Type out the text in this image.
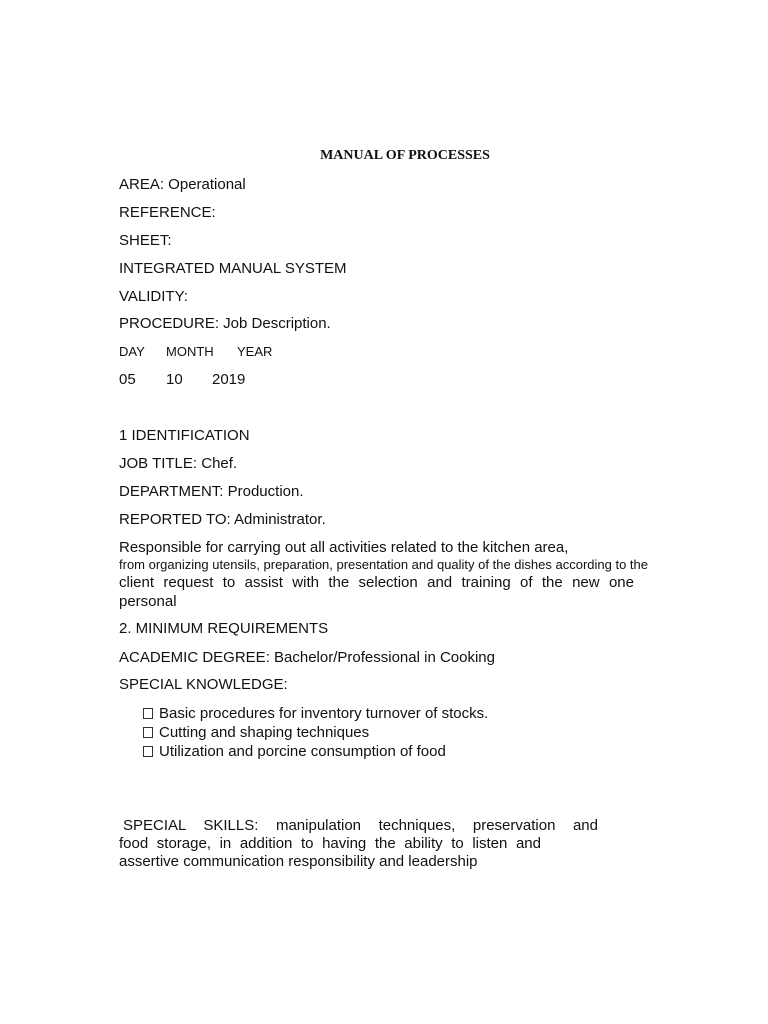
MANUAL OF PROCESSES
AREA: Operational
REFERENCE:
SHEET:
INTEGRATED MANUAL SYSTEM
VALIDITY:
PROCEDURE: Job Description.
DAY MONTH YEAR
05 10 2019
1 IDENTIFICATION
JOB TITLE: Chef.
DEPARTMENT: Production.
REPORTED TO: Administrator.
Responsible for carrying out all activities related to the kitchen area,
from organizing utensils, preparation, presentation and quality of the dishes according to the
client request to assist with the selection and training of the new one
personal
2. MINIMUM REQUIREMENTS
ACADEMIC DEGREE: Bachelor/Professional in Cooking
SPECIAL KNOWLEDGE:
Basic procedures for inventory turnover of stocks.
Cutting and shaping techniques
Utilization and porcine consumption of food
SPECIAL SKILLS: manipulation techniques, preservation and
food storage, in addition to having the ability to listen and
assertive communication responsibility and leadership
